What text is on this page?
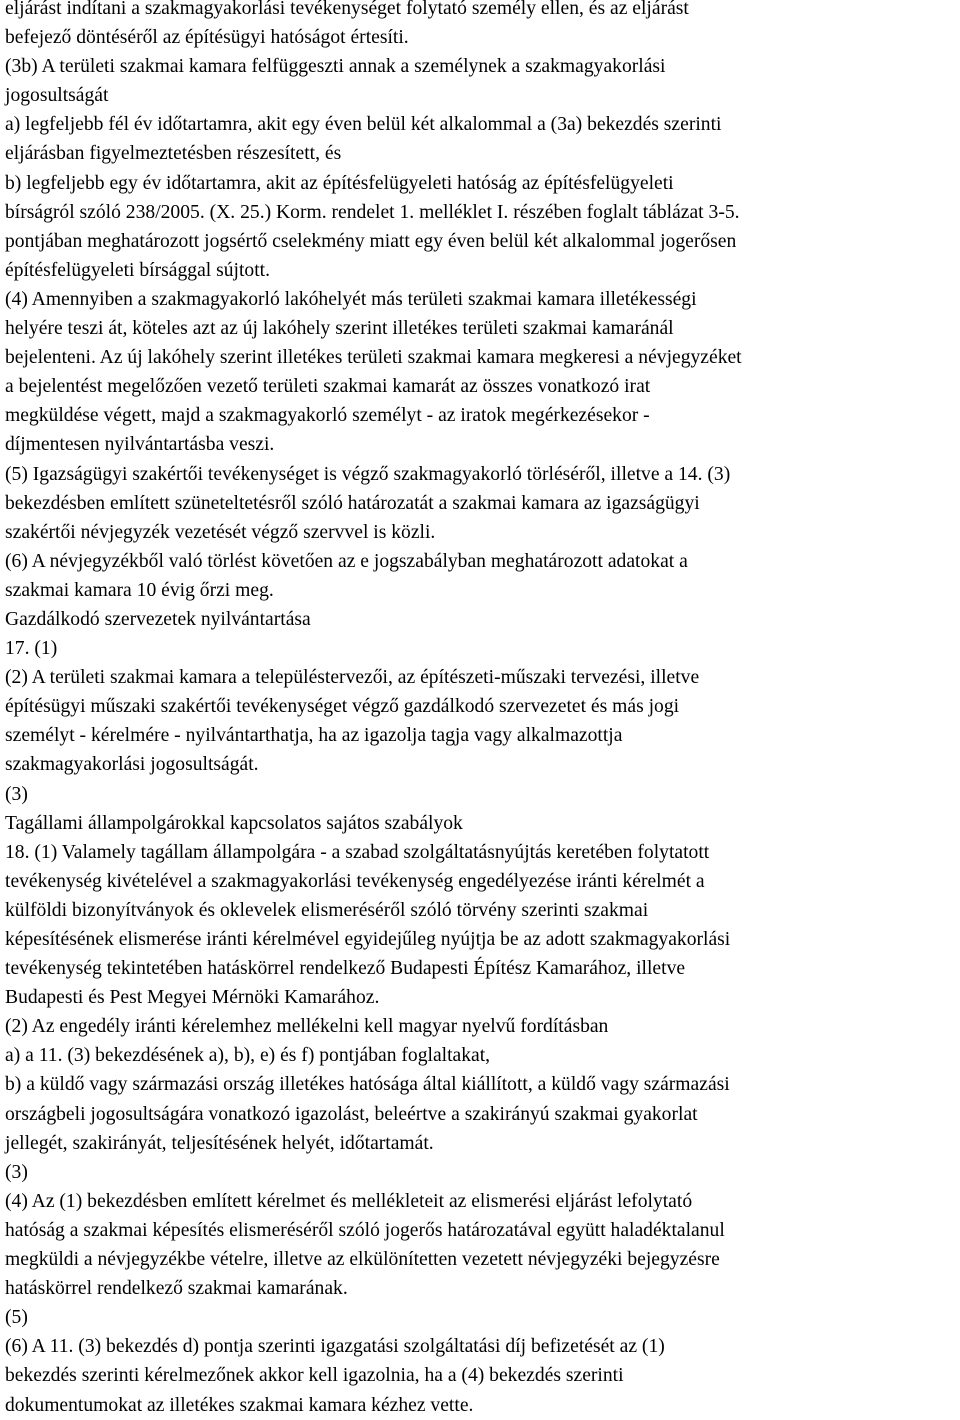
eljárást indítani a szakmagyakorlási tevékenységet folytató személy ellen, és az eljárást

befejező döntéséről az építésügyi hatóságot értesíti.

(3b) A területi szakmai kamara felfüggeszti annak a személynek a szakmagyakorlási

jogosultságát

a) legfeljebb fél év időtartamra, akit egy éven belül két alkalommal a (3a) bekezdés szerinti

eljárásban figyelmeztetésben részesített, és

b) legfeljebb egy év időtartamra, akit az építésfelügyeleti hatóság az építésfelügyeleti

bírságról szóló 238/2005. (X. 25.) Korm. rendelet 1. melléklet I. részében foglalt táblázat 3-5.

pontjában meghatározott jogsértő cselekmény miatt egy éven belül két alkalommal jogerősen

építésfelügyeleti bírsággal sújtott.

(4) Amennyiben a szakmagyakorló lakóhelyét más területi szakmai kamara illetékességi

helyére teszi át, köteles azt az új lakóhely szerint illetékes területi szakmai kamaránál

bejelenteni. Az új lakóhely szerint illetékes területi szakmai kamara megkeresi a névjegyzéket

a bejelentést megelőzően vezető területi szakmai kamarát az összes vonatkozó irat

megküldése végett, majd a szakmagyakorló személyt - az iratok megérkezésekor -

díjmentesen nyilvántartásba veszi.

(5) Igazságügyi szakértői tevékenységet is végző szakmagyakorló törléséről, illetve a 14. (3)

bekezdésben említett szüneteltetésről szóló határozatát a szakmai kamara az igazságügyi

szakértői névjegyzék vezetését végző szervvel is közli.

(6) A névjegyzékből való törlést követően az e jogszabályban meghatározott adatokat a

szakmai kamara 10 évig őrzi meg.

Gazdálkodó szervezetek nyilvántartása

17. (1)

(2) A területi szakmai kamara a településtervezői, az építészeti-műszaki tervezési, illetve

építésügyi műszaki szakértői tevékenységet végző gazdálkodó szervezetet és más jogi

személyt - kérelmére - nyilvántarthatja, ha az igazolja tagja vagy alkalmazottja

szakmagyakorlási jogosultságát.

(3)

Tagállami állampolgárokkal kapcsolatos sajátos szabályok

18. (1) Valamely tagállam állampolgára - a szabad szolgáltatásnyújtás keretében folytatott

tevékenység kivételével a szakmagyakorlási tevékenység engedélyezése iránti kérelmét a

külföldi bizonyítványok és oklevelek elismeréséről szóló törvény szerinti szakmai

képesítésének elismerése iránti kérelmével egyidejűleg nyújtja be az adott szakmagyakorlási

tevékenység tekintetében hatáskörrel rendelkező Budapesti Építész Kamarához, illetve

Budapesti és Pest Megyei Mérnöki Kamarához.

(2) Az engedély iránti kérelemhez mellékelni kell magyar nyelvű fordításban

a) a 11. (3) bekezdésének a), b), e) és f) pontjában foglaltakat,

b) a küldő vagy származási ország illetékes hatósága által kiállított, a küldő vagy származási

országbeli jogosultságára vonatkozó igazolást, beleértve a szakirányú szakmai gyakorlat

jellegét, szakirányát, teljesítésének helyét, időtartamát.

(3)

(4) Az (1) bekezdésben említett kérelmet és mellékleteit az elismerési eljárást lefolytató

hatóság a szakmai képesítés elismeréséről szóló jogerős határozatával együtt haladéktalanul

megküldi a névjegyzékbe vételre, illetve az elkülönítetten vezetett névjegyzéki bejegyzésre

hatáskörrel rendelkező szakmai kamarának.

(5)

(6) A 11. (3) bekezdés d) pontja szerinti igazgatási szolgáltatási díj befizetését az (1)

bekezdés szerinti kérelmezőnek akkor kell igazolnia, ha a (4) bekezdés szerinti

dokumentumokat az illetékes szakmai kamara kézhez vette.
